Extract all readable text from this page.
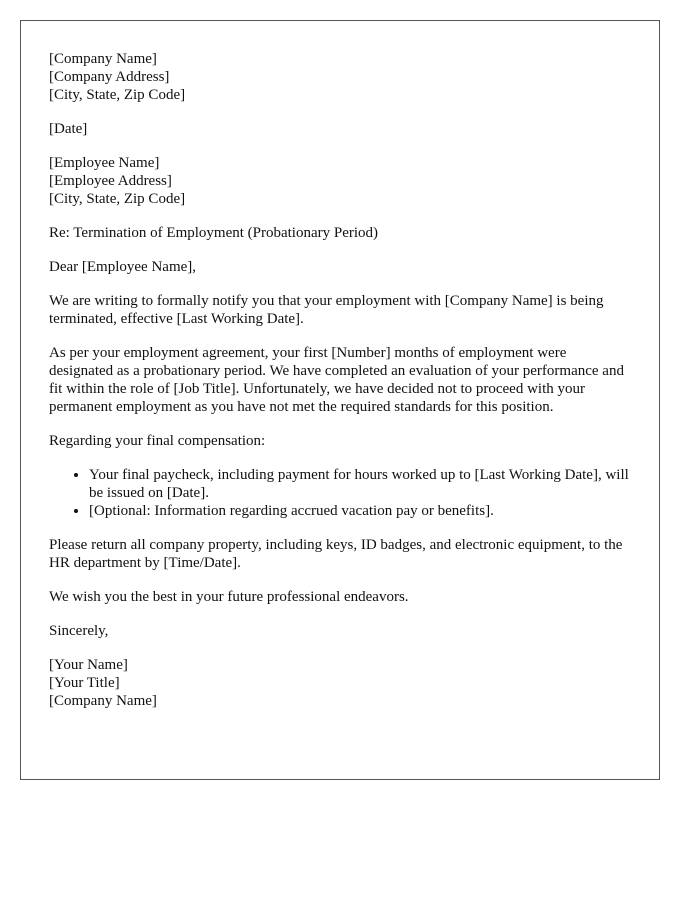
[Company Name]
[Company Address]
[City, State, Zip Code]

[Date]

[Employee Name]
[Employee Address]
[City, State, Zip Code]

Re: Termination of Employment (Probationary Period)

Dear [Employee Name],

We are writing to formally notify you that your employment with [Company Name] is being terminated, effective [Last Working Date].

As per your employment agreement, your first [Number] months of employment were designated as a probationary period. We have completed an evaluation of your performance and fit within the role of [Job Title]. Unfortunately, we have decided not to proceed with your permanent employment as you have not met the required standards for this position.

Regarding your final compensation:

• Your final paycheck, including payment for hours worked up to [Last Working Date], will be issued on [Date].
• [Optional: Information regarding accrued vacation pay or benefits].

Please return all company property, including keys, ID badges, and electronic equipment, to the HR department by [Time/Date].

We wish you the best in your future professional endeavors.

Sincerely,

[Your Name]
[Your Title]
[Company Name]
